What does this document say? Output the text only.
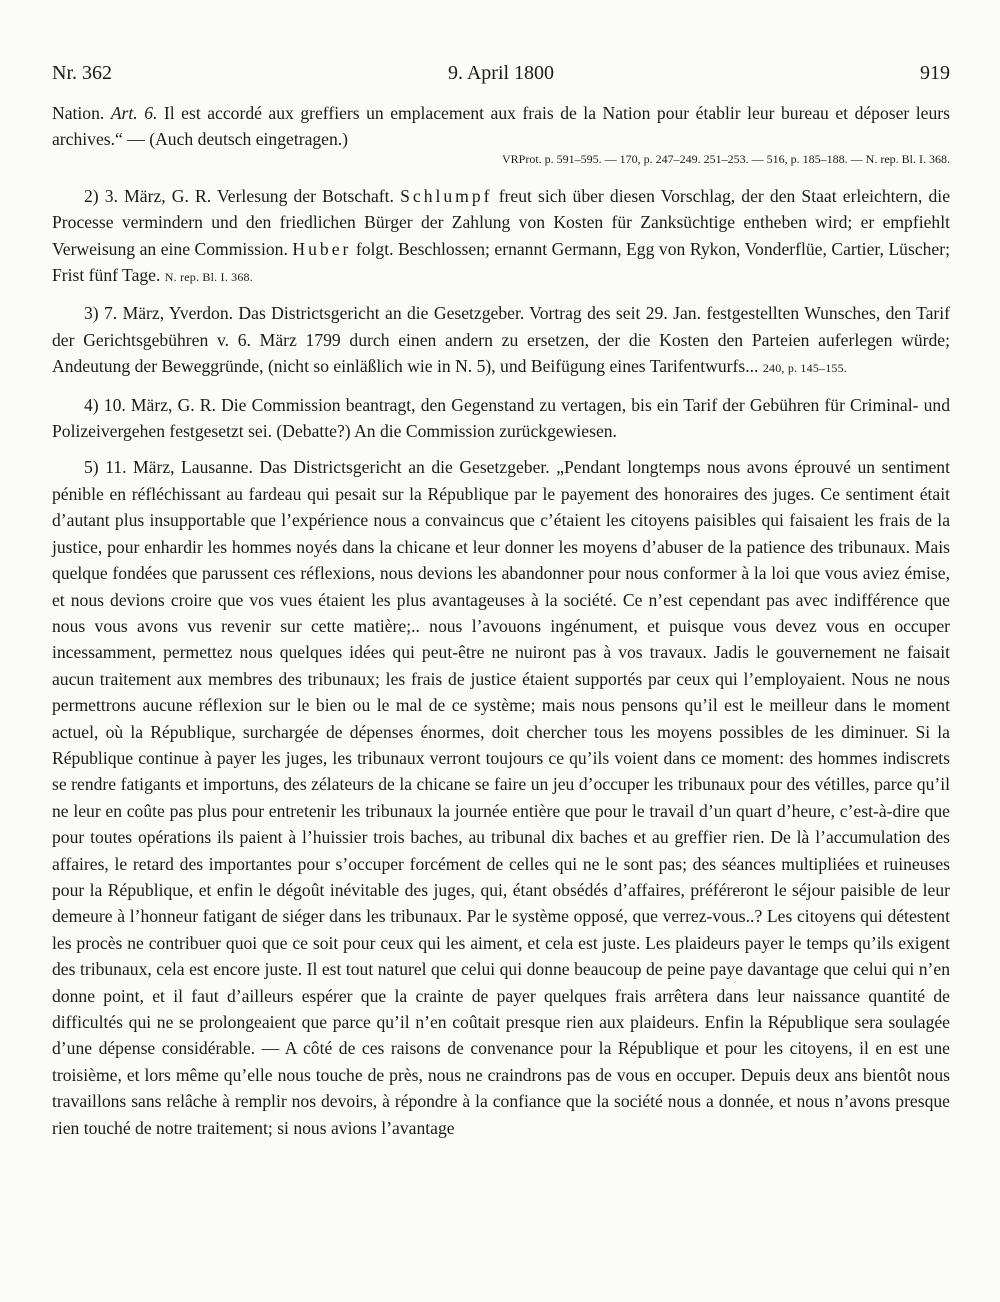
Nr. 362	9. April 1800	919

Nation. Art. 6. Il est accordé aux greffiers un emplacement aux frais de la Nation pour établir leur bureau et déposer leurs archives.“ — (Auch deutsch eingetragen.)

VRProt. p. 591–595. — 170, p. 247–249. 251–253. — 516, p. 185–188. — N. rep. Bl. I. 368.

2) 3. März, G. R. Verlesung der Botschaft. Schlumpf freut sich über diesen Vorschlag, der den Staat erleichtern, die Processe vermindern und den friedlichen Bürger der Zahlung von Kosten für Zanksüchtige entheben wird; er empfiehlt Verweisung an eine Commission. Huber folgt. Beschlossen; ernannt Germann, Egg von Rykon, Vonderflüe, Cartier, Lüscher; Frist fünf Tage. N. rep. Bl. I. 368.

3) 7. März, Yverdon. Das Districtsgericht an die Gesetzgeber. Vortrag des seit 29. Jan. festgestellten Wunsches, den Tarif der Gerichtsgebühren v. 6. März 1799 durch einen andern zu ersetzen, der die Kosten den Parteien auferlegen würde; Andeutung der Beweggründe, (nicht so einläßlich wie in N. 5), und Beifügung eines Tarifentwurfs... 240, p. 145–155.

4) 10. März, G. R. Die Commission beantragt, den Gegenstand zu vertagen, bis ein Tarif der Gebühren für Criminal- und Polizeivergehen festgesetzt sei. (Debatte?) An die Commission zurückgewiesen.

5) 11. März, Lausanne. Das Districtsgericht an die Gesetzgeber. „Pendant longtemps nous avons éprouvé un sentiment pénible en réfléchissant au fardeau qui pesait sur la République par le payement des honoraires des juges. Ce sentiment était d’autant plus insupportable que l’expérience nous a convaincus que c’étaient les citoyens paisibles qui faisaient les frais de la justice, pour enhardir les hommes noyés dans la chicane et leur donner les moyens d’abuser de la patience des tribunaux. Mais quelque fondées que parussent ces réflexions, nous devions les abandonner pour nous conformer à la loi que vous aviez émise, et nous devions croire que vos vues étaient les plus avantageuses à la société. Ce n’est cependant pas avec indifférence que nous vous avons vus revenir sur cette matière;.. nous l’avouons ingénument, et puisque vous devez vous en occuper incessamment, permettez nous quelques idées qui peut-être ne nuiront pas à vos travaux. Jadis le gouvernement ne faisait aucun traitement aux membres des tribunaux; les frais de justice étaient supportés par ceux qui l’employaient. Nous ne nous permettrons aucune réflexion sur le bien ou le mal de ce système; mais nous pensons qu’il est le meilleur dans le moment actuel, où la République, surchargée de dépenses énormes, doit chercher tous les moyens possibles de les diminuer. Si la République continue à payer les juges, les tribunaux verront toujours ce qu’ils voient dans ce moment: des hommes indiscrets se rendre fatigants et importuns, des zélateurs de la chicane se faire un jeu d’occuper les tribunaux pour des vétilles, parce qu’il ne leur en coûte pas plus pour entretenir les tribunaux la journée entière que pour le travail d’un quart d’heure, c’est-à-dire que pour toutes opérations ils paient à l’huissier trois baches, au tribunal dix baches et au greffier rien. De là l’accumulation des affaires, le retard des importantes pour s’occuper forcément de celles qui ne le sont pas; des séances multipliées et ruineuses pour la République, et enfin le dégoût inévitable des juges, qui, étant obsédés d’affaires, préféreront le séjour paisible de leur demeure à l’honneur fatigant de siéger dans les tribunaux. Par le système opposé, que verrez-vous..? Les citoyens qui détestent les procès ne contribuer quoi que ce soit pour ceux qui les aiment, et cela est juste. Les plaideurs payer le temps qu’ils exigent des tribunaux, cela est encore juste. Il est tout naturel que celui qui donne beaucoup de peine paye davantage que celui qui n’en donne point, et il faut d’ailleurs espérer que la crainte de payer quelques frais arrêtera dans leur naissance quantité de difficultés qui ne se prolongeaient que parce qu’il n’en coûtait presque rien aux plaideurs. Enfin la République sera soulagée d’une dépense considérable. — A côté de ces raisons de convenance pour la République et pour les citoyens, il en est une troisième, et lors même qu’elle nous touche de près, nous ne craindrons pas de vous en occuper. Depuis deux ans bientôt nous travaillons sans relâche à remplir nos devoirs, à répondre à la confiance que la société nous a donnée, et nous n’avons presque rien touché de notre traitement; si nous avions l’avantage
